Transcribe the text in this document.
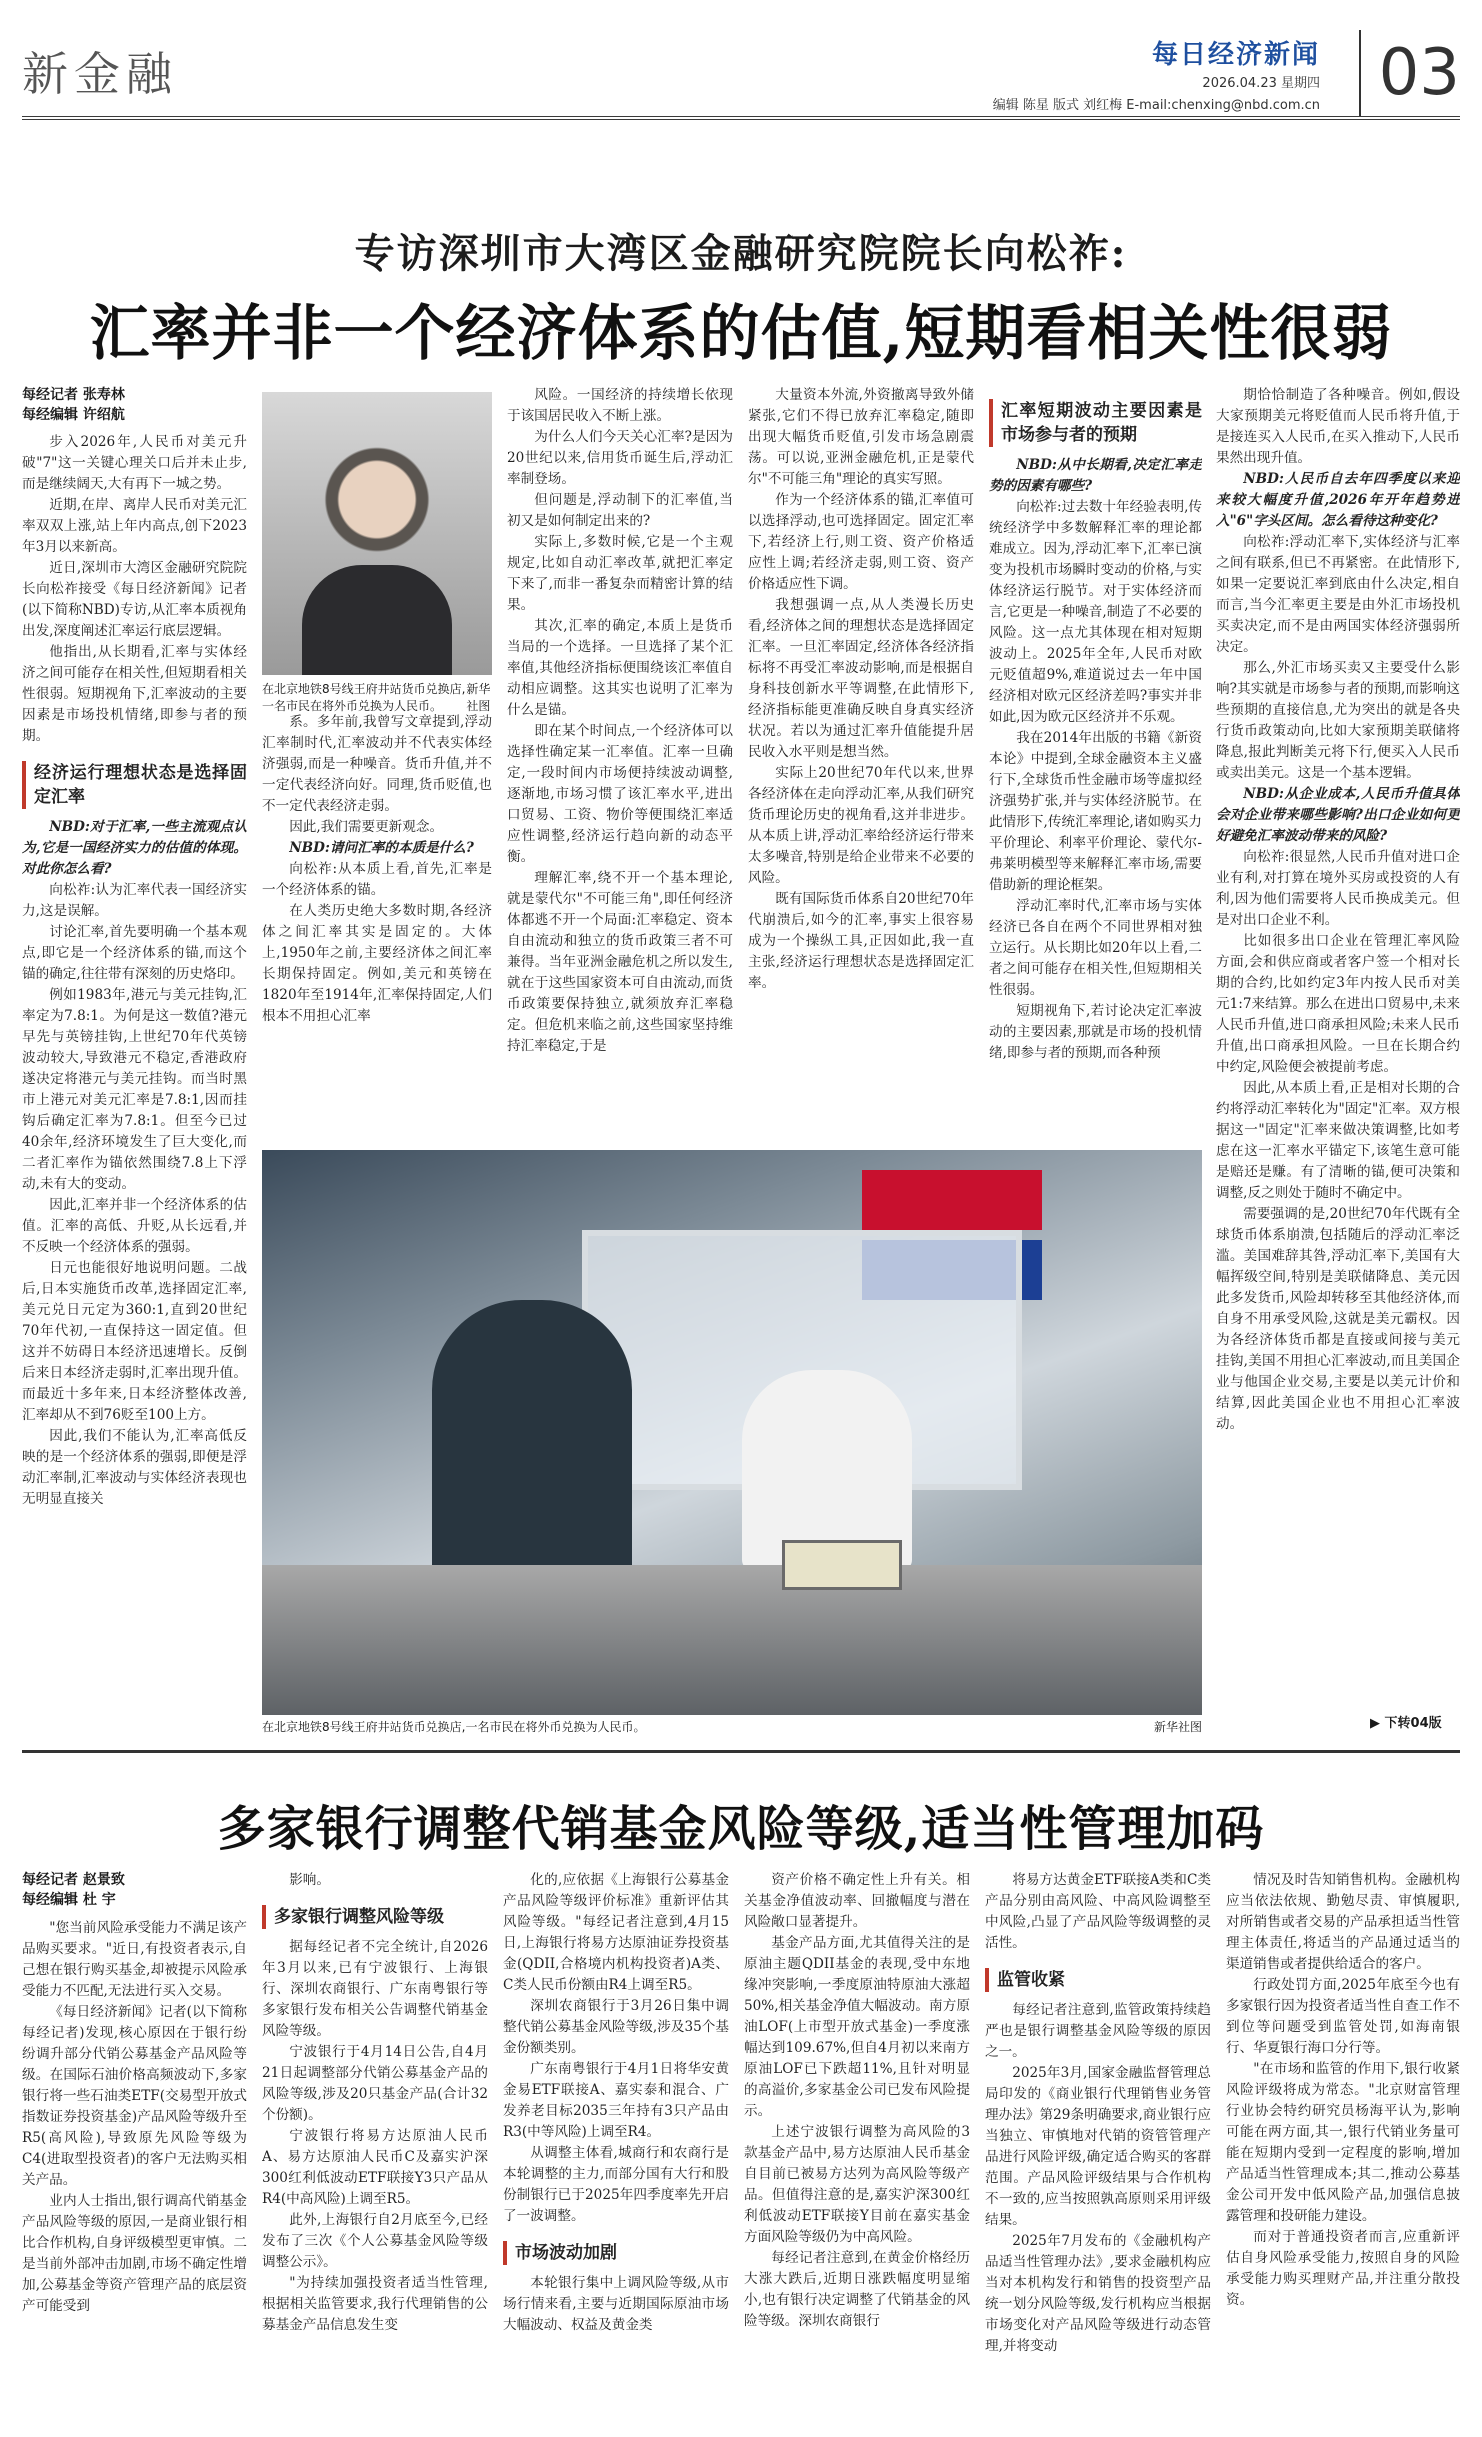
新金融	每日经济新闻
2026.04.23 星期四
编辑 陈星 版式 刘红梅 E-mail:chenxing@nbd.com.cn 03
专访深圳市大湾区金融研究院院长向松祚:
汇率并非一个经济体系的估值,短期看相关性很弱
每经记者 张寿林
每经编辑 许绍航

步入2026年,人民币对美元升破"7"这一关键心理关口后并未止步,而是继续阔天,大有再下一城之势。

近期,在岸、离岸人民币对美元汇率双双上涨,站上年内高点,创下2023年3月以来新高。

近日,深圳市大湾区金融研究院院长向松祚接受《每日经济新闻》记者(以下简称NBD)专访,从汇率本质视角出发,深度阐述汇率运行底层逻辑。

他指出,从长期看,汇率与实体经济之间可能存在相关性,但短期看相关性很弱。短期视角下,汇率波动的主要因素是市场投机情绪,即参与者的预期。

经济运行理想状态是选择固定汇率

NBD:对于汇率,一些主流观点认为,它是一国经济实力的估值的体现。对此你怎么看?

向松祚:认为汇率代表一国经济实力,这是误解。

讨论汇率,首先要明确一个基本观点,即它是一个经济体系的锚,而这个锚的确定,往往带有深刻的历史烙印。

例如1983年,港元与美元挂钩,汇率定为7.8:1。为何是这一数值?港元早先与英镑挂钩,上世纪70年代英镑波动较大,导致港元不稳定,香港政府遂决定将港元与美元挂钩。而当时黑市上港元对美元汇率是7.8:1,因而挂钩后确定汇率为7.8:1。但至今已过40余年,经济环境发生了巨大变化,而二者汇率作为锚依然围绕7.8上下浮动,未有大的变动。

因此,汇率并非一个经济体系的估值。汇率的高低、升贬,从长远看,并不反映一个经济体系的强弱。

日元也能很好地说明问题。二战后,日本实施货币改革,选择固定汇率,美元兑日元定为360:1,直到20世纪70年代初,一直保持这一固定值。但这并不妨碍日本经济迅速增长。反倒后来日本经济走弱时,汇率出现升值。而最近十多年来,日本经济整体改善,汇率却从不到76贬至100上方。

因此,我们不能认为,汇率高低反映的是一个经济体系的强弱,即便是浮动汇率制,汇率波动与实体经济表现也无明显直接关

在北京地铁8号线王府井站货币兑换店,一名市民在将外币兑换为人民币。
新华社图

系。多年前,我曾写文章提到,浮动汇率制时代,汇率波动并不代表实体经济强弱,而是一种噪音。货币升值,并不一定代表经济向好。同理,货币贬值,也不一定代表经济走弱。

因此,我们需要更新观念。

NBD:请问汇率的本质是什么?

向松祚:从本质上看,首先,汇率是一个经济体系的锚。

在人类历史绝大多数时期,各经济体之间汇率其实是固定的。大体上,1950年之前,主要经济体之间汇率长期保持固定。例如,美元和英镑在1820年至1914年,汇率保持固定,人们根本不用担心汇率

风险。一国经济的持续增长依现于该国居民收入不断上涨。

为什么人们今天关心汇率?是因为20世纪以来,信用货币诞生后,浮动汇率制登场。

但问题是,浮动制下的汇率值,当初又是如何制定出来的?

实际上,多数时候,它是一个主观规定,比如自动汇率改革,就把汇率定下来了,而非一番复杂而精密计算的结果。

其次,汇率的确定,本质上是货币当局的一个选择。一旦选择了某个汇率值,其他经济指标便围绕该汇率值自动相应调整。这其实也说明了汇率为什么是锚。

即在某个时间点,一个经济体可以选择性确定某一汇率值。汇率一旦确定,一段时间内市场便持续波动调整,逐渐地,市场习惯了该汇率水平,进出口贸易、工资、物价等便围绕汇率适应性调整,经济运行趋向新的动态平衡。

理解汇率,绕不开一个基本理论,就是蒙代尔"不可能三角",即任何经济体都逃不开一个局面:汇率稳定、资本自由流动和独立的货币政策三者不可兼得。当年亚洲金融危机之所以发生,就在于这些国家资本可自由流动,而货币政策要保持独立,就须放弃汇率稳定。但危机来临之前,这些国家坚持维持汇率稳定,于是

大量资本外流,外资撤离导致外储紧张,它们不得已放弃汇率稳定,随即出现大幅货币贬值,引发市场急剧震荡。可以说,亚洲金融危机,正是蒙代尔"不可能三角"理论的真实写照。

作为一个经济体系的锚,汇率值可以选择浮动,也可选择固定。固定汇率下,若经济上行,则工资、资产价格适应性上调;若经济走弱,则工资、资产价格适应性下调。

我想强调一点,从人类漫长历史看,经济体之间的理想状态是选择固定汇率。一旦汇率固定,经济体各经济指标将不再受汇率波动影响,而是根据自身科技创新水平等调整,在此情形下,经济指标能更准确反映自身真实经济状况。若以为通过汇率升值能提升居民收入水平则是想当然。

实际上20世纪70年代以来,世界各经济体在走向浮动汇率,从我们研究货币理论历史的视角看,这并非进步。从本质上讲,浮动汇率给经济运行带来太多噪音,特别是给企业带来不必要的风险。

既有国际货币体系自20世纪70年代崩溃后,如今的汇率,事实上很容易成为一个操纵工具,正因如此,我一直主张,经济运行理想状态是选择固定汇率。

汇率短期波动主要因素是市场参与者的预期

NBD:从中长期看,决定汇率走势的因素有哪些?

向松祚:过去数十年经验表明,传统经济学中多数解释汇率的理论都难成立。因为,浮动汇率下,汇率已演变为投机市场瞬时变动的价格,与实体经济运行脱节。对于实体经济而言,它更是一种噪音,制造了不必要的风险。这一点尤其体现在相对短期波动上。2025年全年,人民币对欧元贬值超9%,难道说过去一年中国经济相对欧元区经济差吗?事实并非如此,因为欧元区经济并不乐观。

我在2014年出版的书籍《新资本论》中提到,全球金融资本主义盛行下,全球货币性金融市场等虚拟经济强势扩张,并与实体经济脱节。在此情形下,传统汇率理论,诸如购买力平价理论、利率平价理论、蒙代尔-弗莱明模型等来解释汇率市场,需要借助新的理论框架。

浮动汇率时代,汇率市场与实体经济已各自在两个不同世界相对独立运行。从长期比如20年以上看,二者之间可能存在相关性,但短期相关性很弱。

短期视角下,若讨论决定汇率波动的主要因素,那就是市场的投机情绪,即参与者的预期,而各种预

期恰恰制造了各种噪音。例如,假设大家预期美元将贬值而人民币将升值,于是接连买入人民币,在买入推动下,人民币果然出现升值。

NBD:人民币自去年四季度以来迎来较大幅度升值,2026年开年趋势进入"6"字头区间。怎么看待这种变化?

向松祚:浮动汇率下,实体经济与汇率之间有联系,但已不再紧密。在此情形下,如果一定要说汇率到底由什么决定,相自而言,当今汇率更主要是由外汇市场投机买卖决定,而不是由两国实体经济强弱所决定。

那么,外汇市场买卖又主要受什么影响?其实就是市场参与者的预期,而影响这些预期的直接信息,尤为突出的就是各央行货币政策动向,比如大家预期美联储将降息,报此判断美元将下行,便买入人民币或卖出美元。这是一个基本逻辑。

NBD:从企业成本,人民币升值具体会对企业带来哪些影响?出口企业如何更好避免汇率波动带来的风险?

向松祚:很显然,人民币升值对进口企业有利,对打算在境外买房或投资的人有利,因为他们需要将人民币换成美元。但是对出口企业不利。

比如很多出口企业在管理汇率风险方面,会和供应商或者客户签一个相对长期的合约,比如约定3年内按人民币对美元1:7来结算。那么在进出口贸易中,未来人民币升值,进口商承担风险;未来人民币升值,出口商承担风险。一旦在长期合约中约定,风险便会被提前考虑。

因此,从本质上看,正是相对长期的合约将浮动汇率转化为"固定"汇率。双方根据这一"固定"汇率来做决策调整,比如考虑在这一汇率水平锚定下,该笔生意可能是赔还是赚。有了清晰的锚,便可决策和调整,反之则处于随时不确定中。

需要强调的是,20世纪70年代既有全球货币体系崩溃,包括随后的浮动汇率泛滥。美国难辞其咎,浮动汇率下,美国有大幅挥级空间,特别是美联储降息、美元因此多发货币,风险却转移至其他经济体,而自身不用承受风险,这就是美元霸权。因为各经济体货币都是直接或间接与美元挂钩,美国不用担心汇率波动,而且美国企业与他国企业交易,主要是以美元计价和结算,因此美国企业也不用担心汇率波动。

在北京地铁8号线王府井站货币兑换店,一名市民在将外币兑换为人民币。	新华社图	▶ 下转04版
多家银行调整代销基金风险等级,适当性管理加码
每经记者 赵景致
每经编辑 杜 宇

"您当前风险承受能力不满足该产品购买要求。"近日,有投资者表示,自己想在银行购买基金,却被提示风险承受能力不匹配,无法进行买入交易。

《每日经济新闻》记者(以下简称每经记者)发现,核心原因在于银行纷纷调升部分代销公募基金产品风险等级。在国际石油价格高频波动下,多家银行将一些石油类ETF(交易型开放式指数证券投资基金)产品风险等级升至R5(高风险),导致原先风险等级为C4(进取型投资者)的客户无法购买相关产品。

业内人士指出,银行调高代销基金产品风险等级的原因,一是商业银行相比合作机构,自身评级模型更审慎。二是当前外部冲击加剧,市场不确定性增加,公募基金等资产管理产品的底层资产可能受到

影响。

多家银行调整风险等级

据每经记者不完全统计,自2026年3月以来,已有宁波银行、上海银行、深圳农商银行、广东南粤银行等多家银行发布相关公告调整代销基金风险等级。

宁波银行于4月14日公告,自4月21日起调整部分代销公募基金产品的风险等级,涉及20只基金产品(合计32个份额)。

宁波银行将易方达原油人民币A、易方达原油人民币C及嘉实沪深300红利低波动ETF联接Y3只产品从R4(中高风险)上调至R5。

此外,上海银行自2月底至今,已经发布了三次《个人公募基金风险等级调整公示》。

"为持续加强投资者适当性管理,根据相关监管要求,我行代理销售的公募基金产品信息发生变

化的,应依据《上海银行公募基金产品风险等级评价标准》重新评估其风险等级。"每经记者注意到,4月15日,上海银行将易方达原油证券投资基金(QDII,合格境内机构投资者)A类、C类人民币份额由R4上调至R5。

深圳农商银行于3月26日集中调整代销公募基金风险等级,涉及35个基金份额类别。

广东南粤银行于4月1日将华安黄金易ETF联接A、嘉实泰和混合、广发养老目标2035三年持有3只产品由R3(中等风险)上调至R4。

从调整主体看,城商行和农商行是本轮调整的主力,而部分国有大行和股份制银行已于2025年四季度率先开启了一波调整。

市场波动加剧

本轮银行集中上调风险等级,从市场行情来看,主要与近期国际原油市场大幅波动、权益及黄金类

资产价格不确定性上升有关。相关基金净值波动率、回撤幅度与潜在风险敞口显著提升。

基金产品方面,尤其值得关注的是原油主题QDII基金的表现,受中东地缘冲突影响,一季度原油特原油大涨超50%,相关基金净值大幅波动。南方原油LOF(上市型开放式基金)一季度涨幅达到109.67%,但自4月初以来南方原油LOF已下跌超11%,且针对明显的高溢价,多家基金公司已发布风险提示。

上述宁波银行调整为高风险的3款基金产品中,易方达原油人民币基金自目前已被易方达列为高风险等级产品。但值得注意的是,嘉实沪深300红利低波动ETF联接Y目前在嘉实基金方面风险等级仍为中高风险。

每经记者注意到,在黄金价格经历大涨大跌后,近期日涨跌幅度明显缩小,也有银行决定调整了代销基金的风险等级。深圳农商银行

将易方达黄金ETF联接A类和C类产品分别由高风险、中高风险调整至中风险,凸显了产品风险等级调整的灵活性。

监管收紧

每经记者注意到,监管政策持续趋严也是银行调整基金风险等级的原因之一。

2025年3月,国家金融监督管理总局印发的《商业银行代理销售业务管理办法》第29条明确要求,商业银行应当独立、审慎地对代销的资管管理产品进行风险评级,确定适合购买的客群范围。产品风险评级结果与合作机构不一致的,应当按照孰高原则采用评级结果。

2025年7月发布的《金融机构产品适当性管理办法》,要求金融机构应当对本机构发行和销售的投资型产品统一划分风险等级,发行机构应当根据市场变化对产品风险等级进行动态管理,并将变动

情况及时告知销售机构。金融机构应当依法依规、勤勉尽责、审慎履职,对所销售或者交易的产品承担适当性管理主体责任,将适当的产品通过适当的渠道销售或者提供给适合的客户。

行政处罚方面,2025年底至今也有多家银行因为投资者适当性自查工作不到位等问题受到监管处罚,如海南银行、华夏银行海口分行等。

"在市场和监管的作用下,银行收紧风险评级将成为常态。"北京财富管理行业协会特约研究员杨海平认为,影响可能在两方面,其一,银行代销业务量可能在短期内受到一定程度的影响,增加产品适当性管理成本;其二,推动公募基金公司开发中低风险产品,加强信息披露管理和投研能力建设。

而对于普通投资者而言,应重新评估自身风险承受能力,按照自身的风险承受能力购买理财产品,并注重分散投资。
